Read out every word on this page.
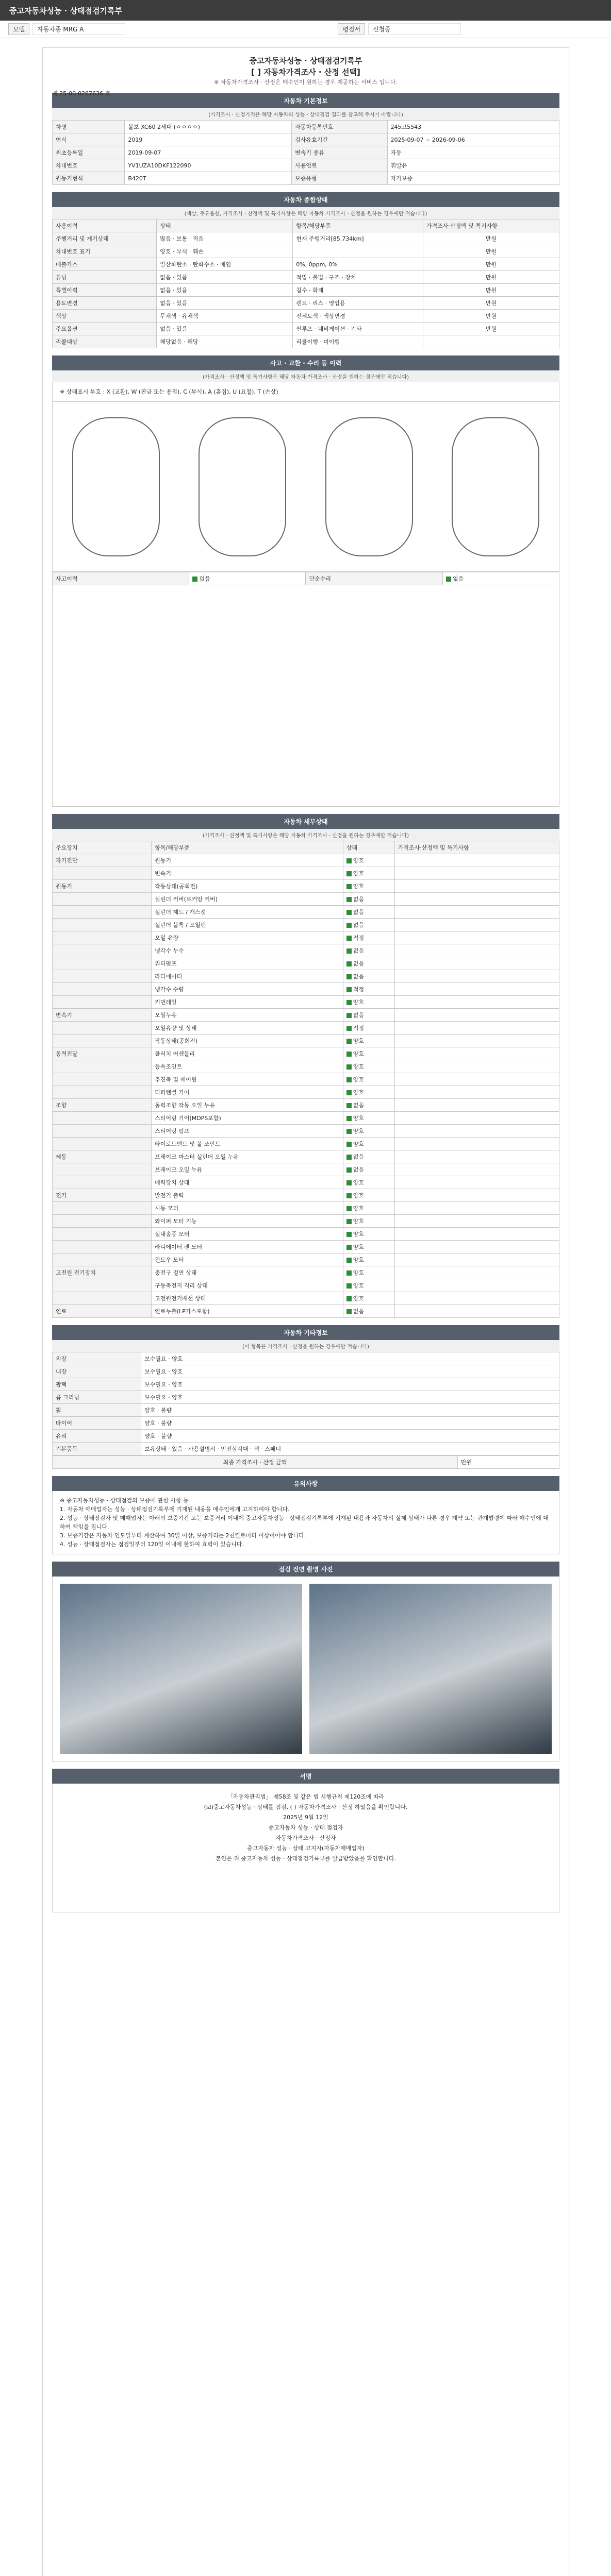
중고자동차성능 · 상태점검기록부
모델	자동차종 MRG A	평점서	신청중
중고자동차성능 · 상태점검기록부
[ ] 자동차가격조사 · 산정 선택]
제 25-00-0267636 호
※ 자동차가격조사 · 산정은 매수인이 원하는 경우 제공하는 서비스 입니다.
자동차 기본정보
(가격조사 · 산정가격은 해당 자동차의 성능 · 상태점검 결과를 참고해 주시기 바랍니다)
차명	볼보 XC60 2세대 (ㅇㅇㅇㅇ)	자동차등록번호	245고5543
연식	2019	검사유효기간	2025-09-07 ~ 2026-09-06
최초등록일	2019-09-07	변속기 종류	자동
차대번호	YV1UZA10DKF122090	사용연료	휘발유
원동기형식	B420T	보증유형	자가보증
자동차 종합상태
(색상, 주요옵션, 가격조사 · 산정액 및 특기사항은 해당 자동차 가격조사 · 산정을 원하는 경우에만 적습니다)
사용이력	상태	항목/해당부품	가격조사·산정액 및 특기사항
주행거리 및 계기상태	많음 · 보통 · 적음	현재 주행거리[85,734km]	만원
차대번호 표기	양호 · 부식 · 훼손		만원
배출가스	일산화탄소 · 탄화수소 · 매연	0%, 0ppm, 0%	만원
튜닝	없음 · 있음	적법 · 불법 · 구조 · 장치	만원
특별이력	없음 · 있음	침수 · 화재	만원
용도변경	없음 · 있음	렌트 · 리스 · 영업용	만원
색상	무채색 · 유채색	전체도색 · 색상변경	만원
주요옵션	없음 · 있음	썬루프 · 네비게이션 · 기타	만원
리콜대상	해당없음 · 해당	리콜이행 · 미이행	
사고 · 교환 · 수리 등 이력
(가격조사 · 산정액 및 특기사항은 해당 자동차 가격조사 · 산정을 원하는 경우에만 적습니다)
※ 상태표시 부호 : X (교환), W (판금 또는 용접), C (부식), A (흠집), U (요철), T (손상)
사고이력	없음	단순수리	없음
자동차 세부상태
(가격조사 · 산정액 및 특기사항은 해당 자동차 가격조사 · 산정을 원하는 경우에만 적습니다)
주요장치	항목/해당부품	상태	가격조사·산정액 및 특기사항
자기진단	원동기	양호	
	변속기	양호	
원동기	작동상태(공회전)	양호	
	실린더 커버(로커암 커버)	없음	
	실린더 헤드 / 개스킷	없음	
	실린더 블록 / 오일팬	없음	
	오일 유량	적정	
	냉각수 누수	없음	
	워터펌프	없음	
	라디에이터	없음	
	냉각수 수량	적정	
	커먼레일	양호	
변속기	오일누유	없음	
	오일유량 및 상태	적정	
	작동상태(공회전)	양호	
동력전달	클러치 어셈블리	양호	
	등속조인트	양호	
	추진축 및 베어링	양호	
	디퍼렌셜 기어	양호	
조향	동력조향 작동 오일 누유	없음	
	스티어링 기어(MDPS포함)	양호	
	스티어링 펌프	양호	
	타이로드엔드 및 볼 조인트	양호	
제동	브레이크 마스터 실린더 오일 누유	없음	
	브레이크 오일 누유	없음	
	배력장치 상태	양호	
전기	발전기 출력	양호	
	시동 모터	양호	
	와이퍼 모터 기능	양호	
	실내송풍 모터	양호	
	라디에이터 팬 모터	양호	
	윈도우 모터	양호	
고전원 전기장치	충전구 절연 상태	양호	
	구동축전지 격리 상태	양호	
	고전원전기배선 상태	양호	
연료	연료누출(LP가스포함)	없음	
자동차 기타정보
(이 항목은 가격조사 · 산정을 원하는 경우에만 적습니다)
외장	보수필요 · 양호
내장	보수필요 · 양호
광택	보수필요 · 양호
룸 크리닝	보수필요 · 양호
휠	양호 · 불량
타이어	양호 · 불량
유리	양호 · 불량
기본품목	보유상태 · 있음 · 사용설명서 · 안전삼각대 · 잭 · 스패너
최종 가격조사 · 산정 금액	만원
유의사항
※ 중고자동차성능 · 상태점검의 보증에 관한 사항 등
1. 자동차 매매업자는 성능 · 상태점검기록부에 기재된 내용을 매수인에게 고지하여야 합니다.
2. 성능 · 상태점검자 및 매매업자는 아래의 보증기간 또는 보증거리 이내에 중고자동차성능 · 상태점검기록부에 기재된 내용과 자동차의 실제 상태가 다른 경우 계약 또는 관계법령에 따라 매수인에 대하여 책임을 집니다.
3. 보증기간은 자동차 인도일부터 계산하여 30일 이상, 보증거리는 2천킬로미터 이상이어야 합니다.
4. 성능 · 상태점검자는 점검일부터 120일 이내에 한하여 효력이 있습니다.
점검 전면 촬영 사진
서명
「자동차관리법」 제58조 및 같은 법 시행규칙 제120조에 따라
(☑)중고자동차성능 · 상태를 점검, ( ) 자동차가격조사 · 산정 하였음을 확인합니다.
2025년 9월 12일
중고자동차 성능 · 상태 점검자
자동차가격조사 · 산정자
중고자동차 성능 · 상태 고지자(자동차매매업자)
본인은 위 중고자동차 성능 · 상태점검기록부를 발급받았음을 확인합니다.
